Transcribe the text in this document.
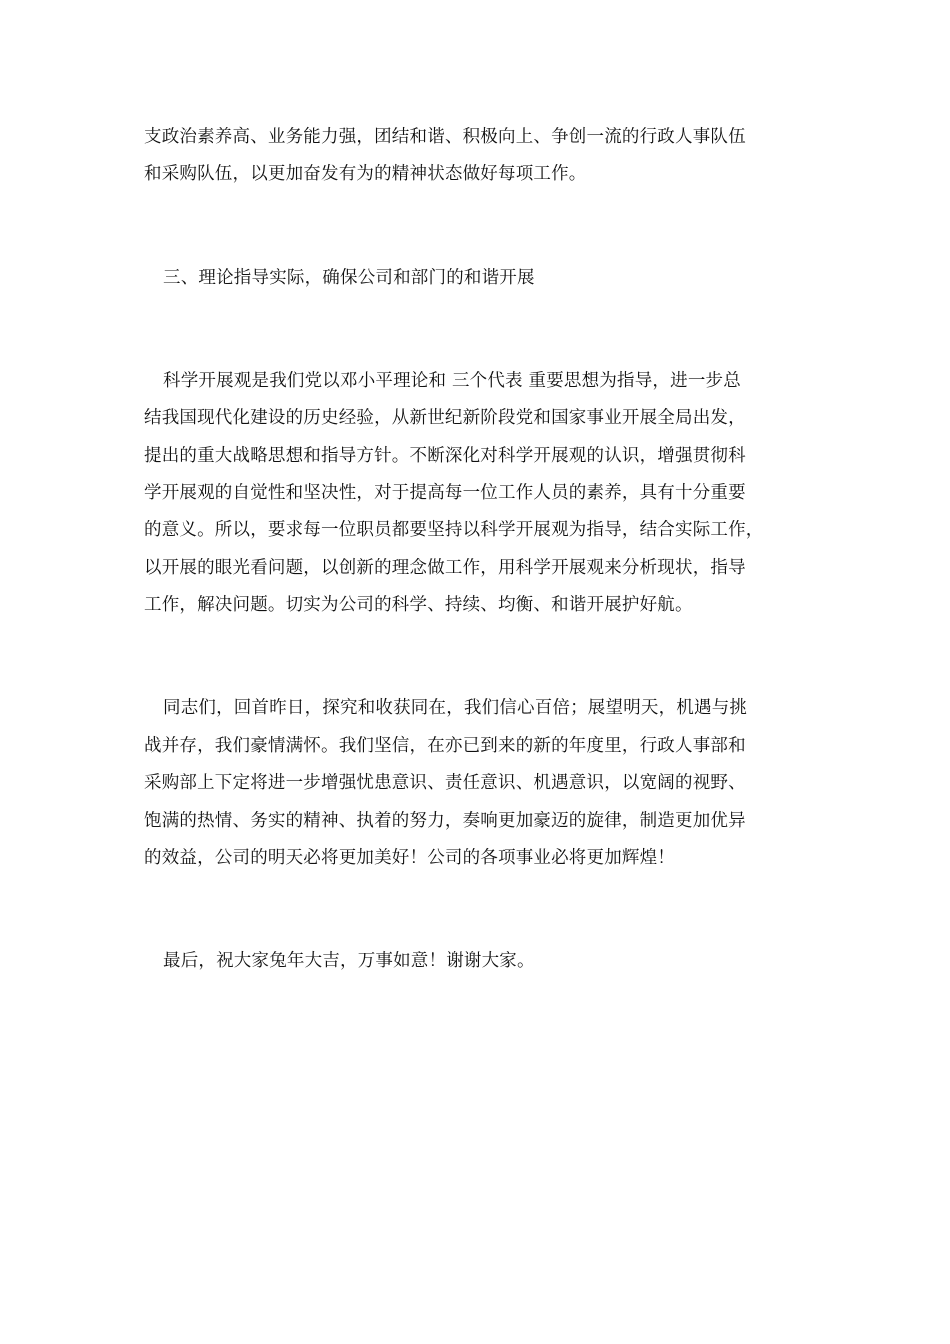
支政治素养高、业务能力强，团结和谐、积极向上、争创一流的行政人事队伍
和采购队伍，以更加奋发有为的精神状态做好每项工作。
三、理论指导实际，确保公司和部门的和谐开展
科学开展观是我们党以邓小平理论和 三个代表 重要思想为指导，进一步总
结我国现代化建设的历史经验，从新世纪新阶段党和国家事业开展全局出发，
提出的重大战略思想和指导方针。不断深化对科学开展观的认识，增强贯彻科
学开展观的自觉性和坚决性，对于提高每一位工作人员的素养，具有十分重要
的意义。所以，要求每一位职员都要坚持以科学开展观为指导，结合实际工作，
以开展的眼光看问题，以创新的理念做工作，用科学开展观来分析现状，指导
工作，解决问题。切实为公司的科学、持续、均衡、和谐开展护好航。
同志们，回首昨日，探究和收获同在，我们信心百倍；展望明天，机遇与挑
战并存，我们豪情满怀。我们坚信，在亦已到来的新的年度里，行政人事部和
采购部上下定将进一步增强忧患意识、责任意识、机遇意识，以宽阔的视野、
饱满的热情、务实的精神、执着的努力，奏响更加豪迈的旋律，制造更加优异
的效益，公司的明天必将更加美好！公司的各项事业必将更加辉煌！
最后，祝大家兔年大吉，万事如意！谢谢大家。
